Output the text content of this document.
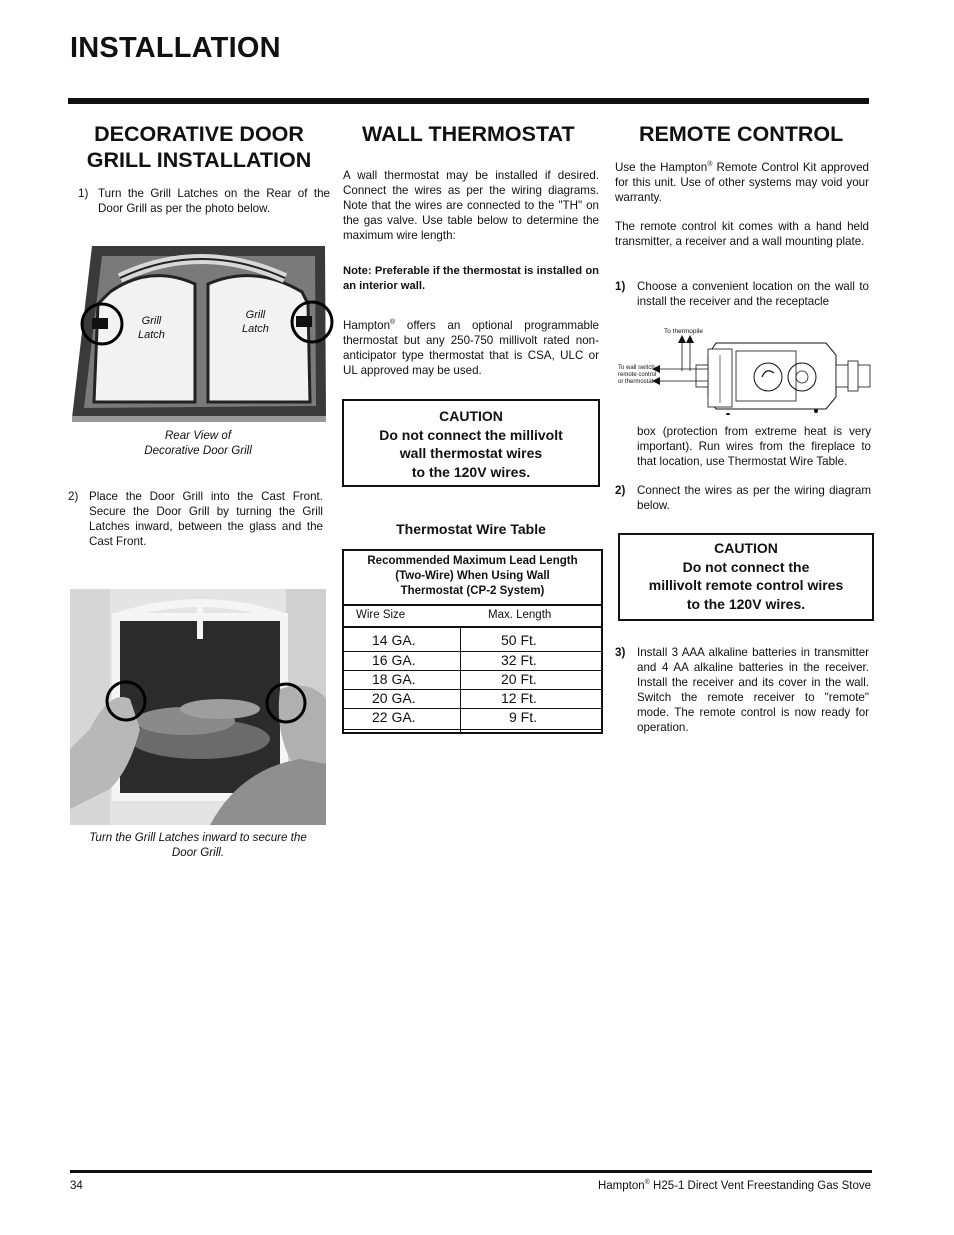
INSTALLATION
DECORATIVE DOOR
GRILL INSTALLATION
1) Turn the Grill Latches on the Rear of the Door Grill as per the photo below.
Grill
Latch
Grill
Latch
Rear View of
Decorative Door Grill
2) Place the Door Grill into the Cast Front. Secure the Door Grill by turning the Grill Latches inward, between the glass and the Cast Front.
Turn the Grill Latches inward to secure the
Door Grill.
WALL THERMOSTAT
A wall thermostat may be installed if desired. Connect the wires as per the wiring diagrams. Note that the wires are connected to the "TH" on the gas valve. Use table below to determine the maximum wire length:
Note: Preferable if the thermostat is installed on an interior wall.
Hampton® offers an optional programmable thermostat but any 250-750 millivolt rated non-anticipator type thermostat that is CSA, ULC or UL approved may be used.
CAUTION
Do not connect the millivolt
wall thermostat wires
to the 120V wires.
Thermostat Wire Table
Recommended Maximum Lead Length
(Two-Wire) When Using Wall
Thermostat (CP-2 System)
Wire Size	Max. Length
14 GA.	50 Ft.
16 GA.	32 Ft.
18 GA.	20 Ft.
20 GA.	12 Ft.
22 GA.	9 Ft.
REMOTE CONTROL
Use the Hampton® Remote Control Kit approved for this unit. Use of other systems may void your warranty.
The remote control kit comes with a hand held transmitter, a receiver and a wall mounting plate.
1)	Choose a convenient location on the wall to install the receiver and the receptacle
To thermopile
To wall switch,
remote control
or thermostat
box (protection from extreme heat is very important). Run wires from the fireplace to that location, use Thermostat Wire Table.
2)	Connect the wires as per the wiring diagram below.
CAUTION
Do not connect the
millivolt remote control wires
to the 120V wires.
3)	Install 3 AAA alkaline batteries in transmitter and 4 AA alkaline batteries in the receiver. Install the receiver and its cover in the wall. Switch the remote receiver to "remote" mode. The remote control is now ready for operation.
34	Hampton® H25-1 Direct Vent Freestanding Gas Stove
